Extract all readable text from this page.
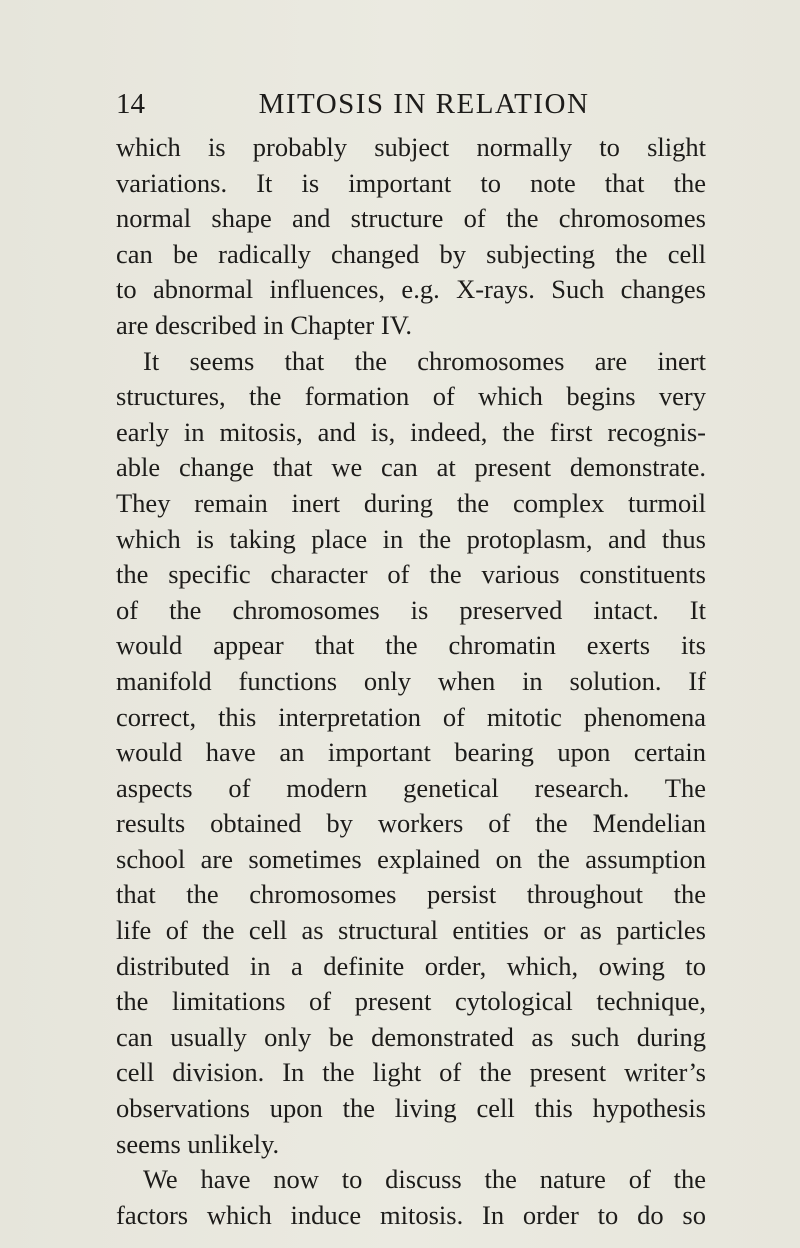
14	MITOSIS IN RELATION
which is probably subject normally to slight
variations. It is important to note that the
normal shape and structure of the chromosomes
can be radically changed by subjecting the cell
to abnormal influences, e.g. X-rays. Such changes
are described in Chapter IV.
It seems that the chromosomes are inert
structures, the formation of which begins very
early in mitosis, and is, indeed, the first recognis-
able change that we can at present demonstrate.
They remain inert during the complex turmoil
which is taking place in the protoplasm, and thus
the specific character of the various constituents
of the chromosomes is preserved intact. It
would appear that the chromatin exerts its
manifold functions only when in solution. If
correct, this interpretation of mitotic phenomena
would have an important bearing upon certain
aspects of modern genetical research. The
results obtained by workers of the Mendelian
school are sometimes explained on the assumption
that the chromosomes persist throughout the
life of the cell as structural entities or as particles
distributed in a definite order, which, owing to
the limitations of present cytological technique,
can usually only be demonstrated as such during
cell division. In the light of the present writer’s
observations upon the living cell this hypothesis
seems unlikely.
We have now to discuss the nature of the
factors which induce mitosis. In order to do so
